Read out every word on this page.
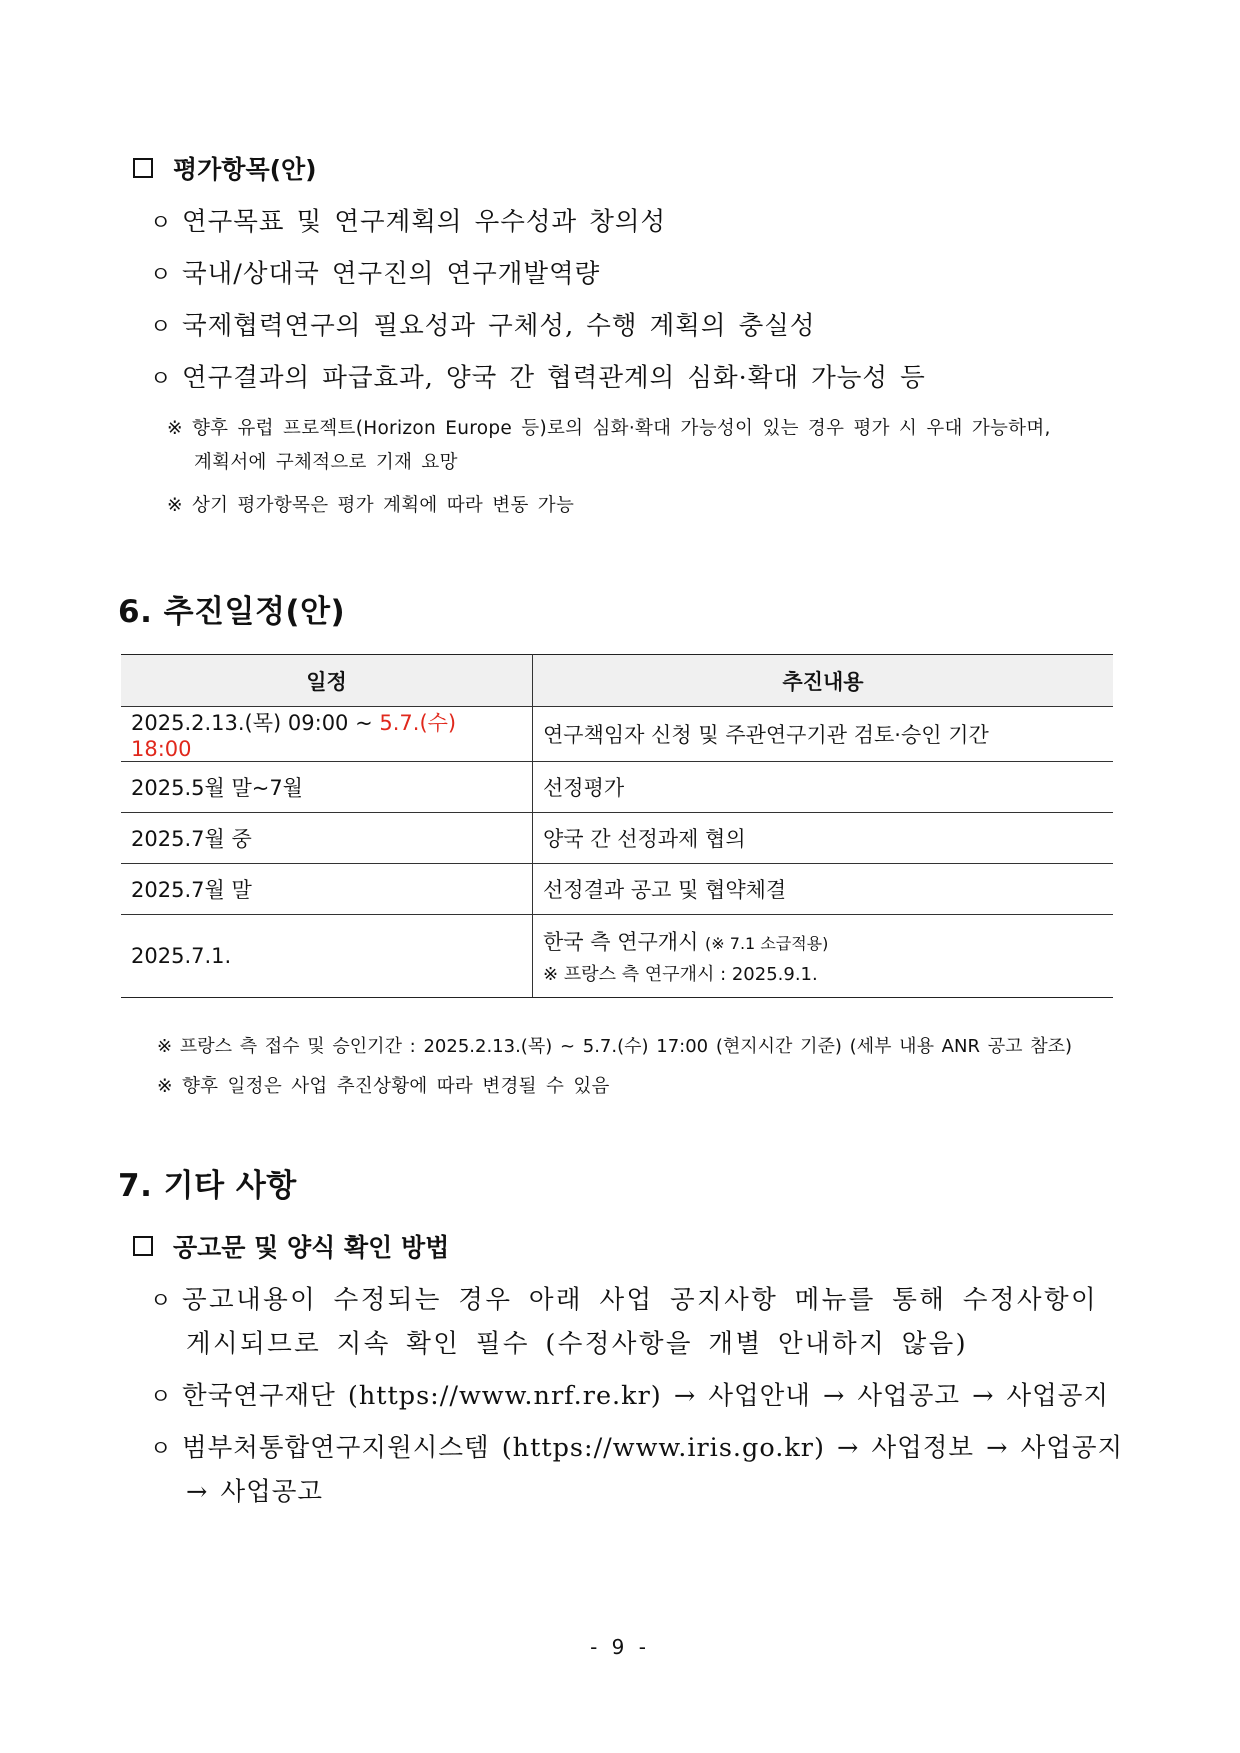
평가항목(안)
ㅇ 연구목표 및 연구계획의 우수성과 창의성
ㅇ 국내/상대국 연구진의 연구개발역량
ㅇ 국제협력연구의 필요성과 구체성, 수행 계획의 충실성
ㅇ 연구결과의 파급효과, 양국 간 협력관계의 심화·확대 가능성 등
※ 향후 유럽 프로젝트(Horizon Europe 등)로의 심화·확대 가능성이 있는 경우 평가 시 우대 가능하며,
계획서에 구체적으로 기재 요망
※ 상기 평가항목은 평가 계획에 따라 변동 가능
6. 추진일정(안)
일정	추진내용
2025.2.13.(목) 09:00 ~ 5.7.(수) 18:00	연구책임자 신청 및 주관연구기관 검토·승인 기간
2025.5월 말~7월	선정평가
2025.7월 중	양국 간 선정과제 협의
2025.7월 말	선정결과 공고 및 협약체결
2025.7.1.	한국 측 연구개시 (※ 7.1 소급적용)
※ 프랑스 측 연구개시 : 2025.9.1.
※ 프랑스 측 접수 및 승인기간 : 2025.2.13.(목) ~ 5.7.(수) 17:00 (현지시간 기준) (세부 내용 ANR 공고 참조)
※ 향후 일정은 사업 추진상황에 따라 변경될 수 있음
7. 기타 사항
공고문 및 양식 확인 방법
ㅇ 공고내용이 수정되는 경우 아래 사업 공지사항 메뉴를 통해 수정사항이
게시되므로 지속 확인 필수 (수정사항을 개별 안내하지 않음)
ㅇ 한국연구재단 (https://www.nrf.re.kr) → 사업안내 → 사업공고 → 사업공지
ㅇ 범부처통합연구지원시스템 (https://www.iris.go.kr) → 사업정보 → 사업공지
→ 사업공고
- 9 -
